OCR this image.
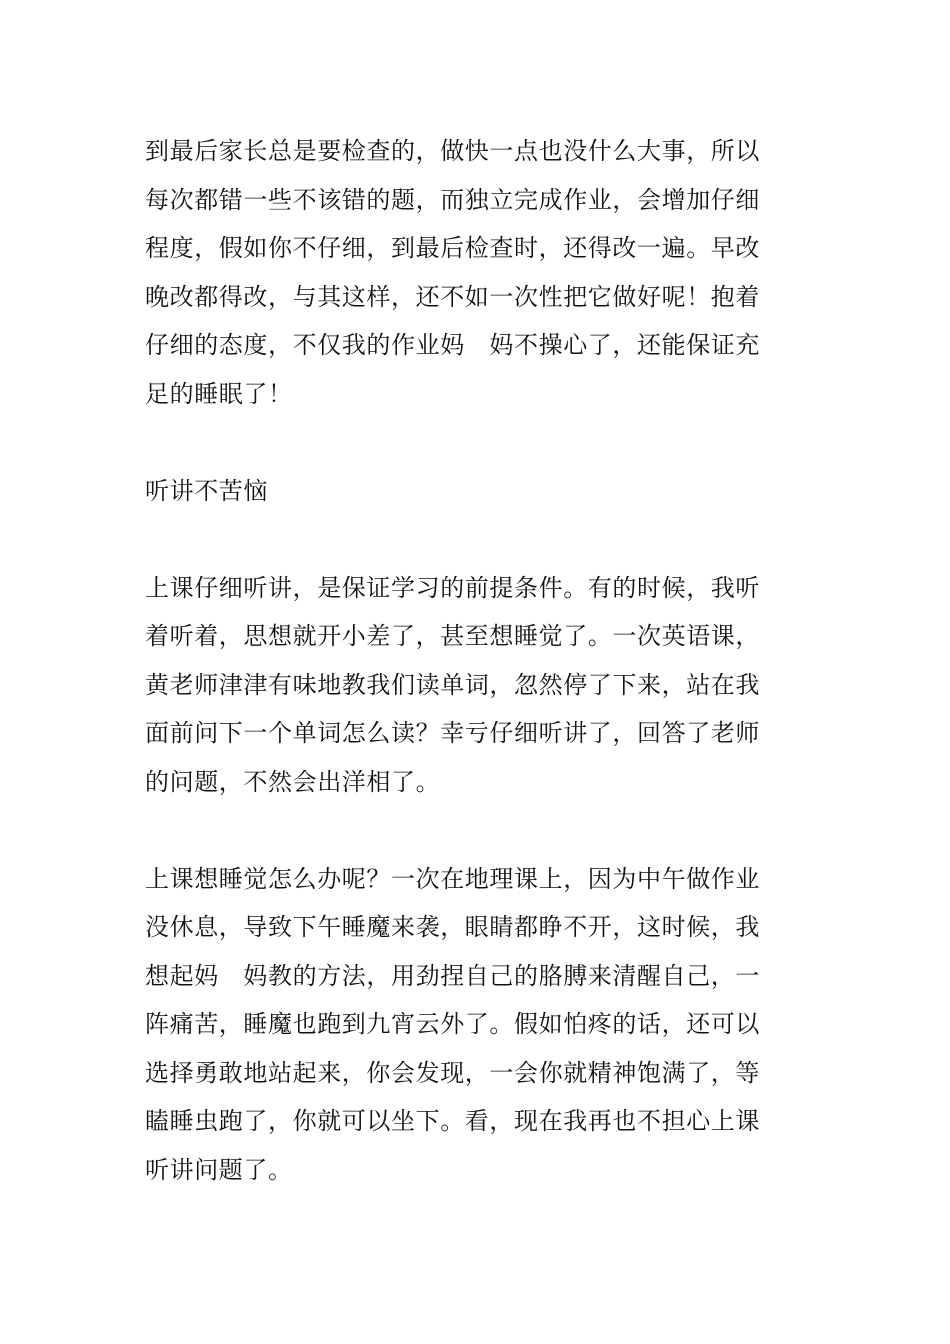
到最后家长总是要检查的，做快一点也没什么大事，所以
每次都错一些不该错的题，而独立完成作业，会增加仔细
程度，假如你不仔细，到最后检查时，还得改一遍。早改
晚改都得改，与其这样，还不如一次性把它做好呢！抱着
仔细的态度，不仅我的作业妈　妈不操心了，还能保证充
足的睡眠了！
听讲不苦恼
上课仔细听讲，是保证学习的前提条件。有的时候，我听
着听着，思想就开小差了，甚至想睡觉了。一次英语课，
黄老师津津有味地教我们读单词，忽然停了下来，站在我
面前问下一个单词怎么读？幸亏仔细听讲了，回答了老师
的问题，不然会出洋相了。
上课想睡觉怎么办呢？一次在地理课上，因为中午做作业
没休息，导致下午睡魔来袭，眼睛都睁不开，这时候，我
想起妈　妈教的方法，用劲捏自己的胳膊来清醒自己，一
阵痛苦，睡魔也跑到九宵云外了。假如怕疼的话，还可以
选择勇敢地站起来，你会发现，一会你就精神饱满了，等
瞌睡虫跑了，你就可以坐下。看，现在我再也不担心上课
听讲问题了。
